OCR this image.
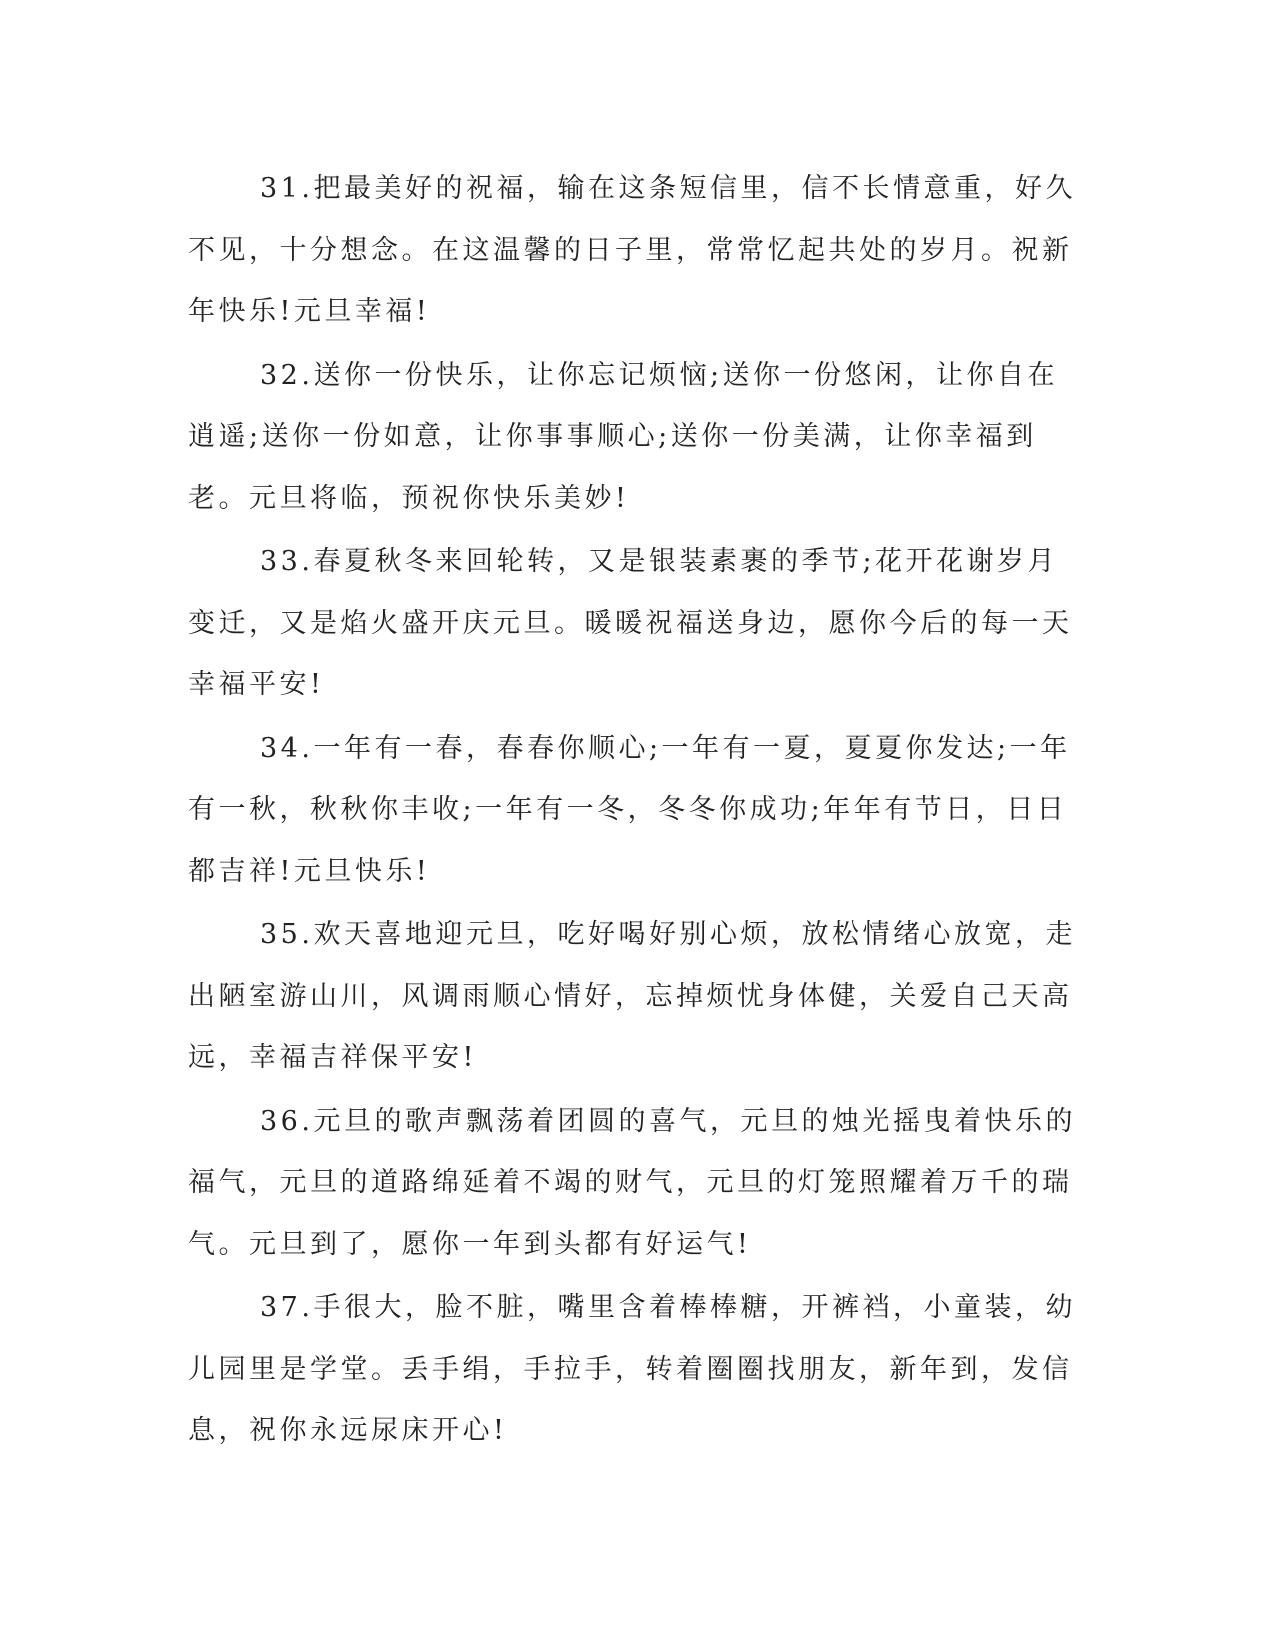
31.把最美好的祝福，输在这条短信里，信不长情意重，好久不见，十分想念。在这温馨的日子里，常常忆起共处的岁月。祝新年快乐!元旦幸福!

32.送你一份快乐，让你忘记烦恼;送你一份悠闲，让你自在逍遥;送你一份如意，让你事事顺心;送你一份美满，让你幸福到老。元旦将临，预祝你快乐美妙!

33.春夏秋冬来回轮转，又是银装素裹的季节;花开花谢岁月变迁，又是焰火盛开庆元旦。暖暖祝福送身边，愿你今后的每一天幸福平安!

34.一年有一春，春春你顺心;一年有一夏，夏夏你发达;一年有一秋，秋秋你丰收;一年有一冬，冬冬你成功;年年有节日，日日都吉祥!元旦快乐!

35.欢天喜地迎元旦，吃好喝好别心烦，放松情绪心放宽，走出陋室游山川，风调雨顺心情好，忘掉烦忧身体健，关爱自己天高远，幸福吉祥保平安!

36.元旦的歌声飘荡着团圆的喜气，元旦的烛光摇曳着快乐的福气，元旦的道路绵延着不竭的财气，元旦的灯笼照耀着万千的瑞气。元旦到了，愿你一年到头都有好运气!

37.手很大，脸不脏，嘴里含着棒棒糖，开裤裆，小童装，幼儿园里是学堂。丢手绢，手拉手，转着圈圈找朋友，新年到，发信息，祝你永远尿床开心!
